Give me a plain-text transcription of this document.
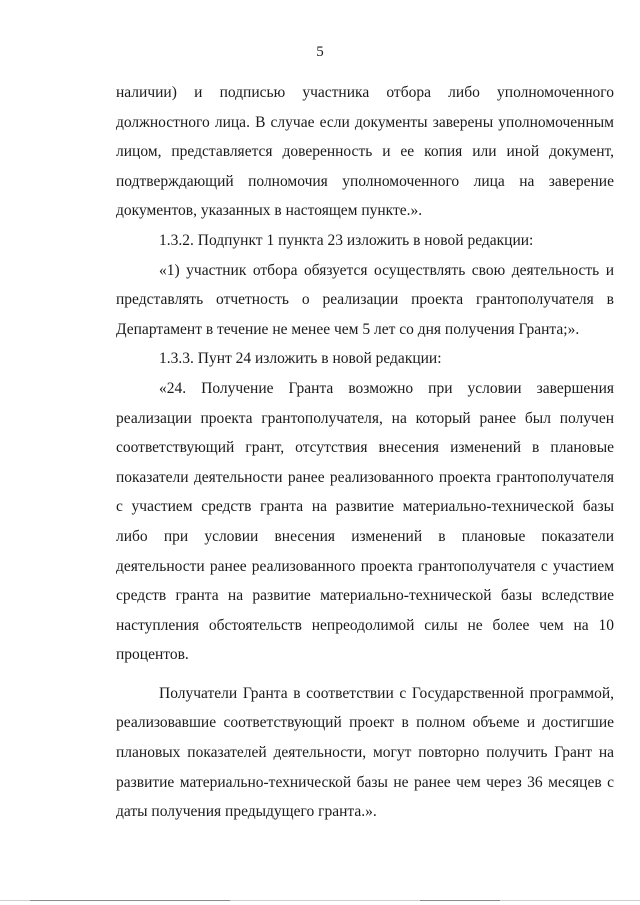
5

наличии) и подписью участника отбора либо уполномоченного должностного лица. В случае если документы заверены уполномоченным лицом, представляется доверенность и ее копия или иной документ, подтверждающий полномочия уполномоченного лица на заверение документов, указанных в настоящем пункте.».

1.3.2. Подпункт 1 пункта 23 изложить в новой редакции:

«1) участник отбора обязуется осуществлять свою деятельность и представлять отчетность о реализации проекта грантополучателя в Департамент в течение не менее чем 5 лет со дня получения Гранта;».

1.3.3. Пунт 24 изложить в новой редакции:

«24. Получение Гранта возможно при условии завершения реализации проекта грантополучателя, на который ранее был получен соответствующий грант, отсутствия внесения изменений в плановые показатели деятельности ранее реализованного проекта грантополучателя с участием средств гранта на развитие материально-технической базы либо при условии внесения изменений в плановые показатели деятельности ранее реализованного проекта грантополучателя с участием средств гранта на развитие материально-технической базы вследствие наступления обстоятельств непреодолимой силы не более чем на 10 процентов.

Получатели Гранта в соответствии с Государственной программой, реализовавшие соответствующий проект в полном объеме и достигшие плановых показателей деятельности, могут повторно получить Грант на развитие материально-технической базы не ранее чем через 36 месяцев с даты получения предыдущего гранта.».
